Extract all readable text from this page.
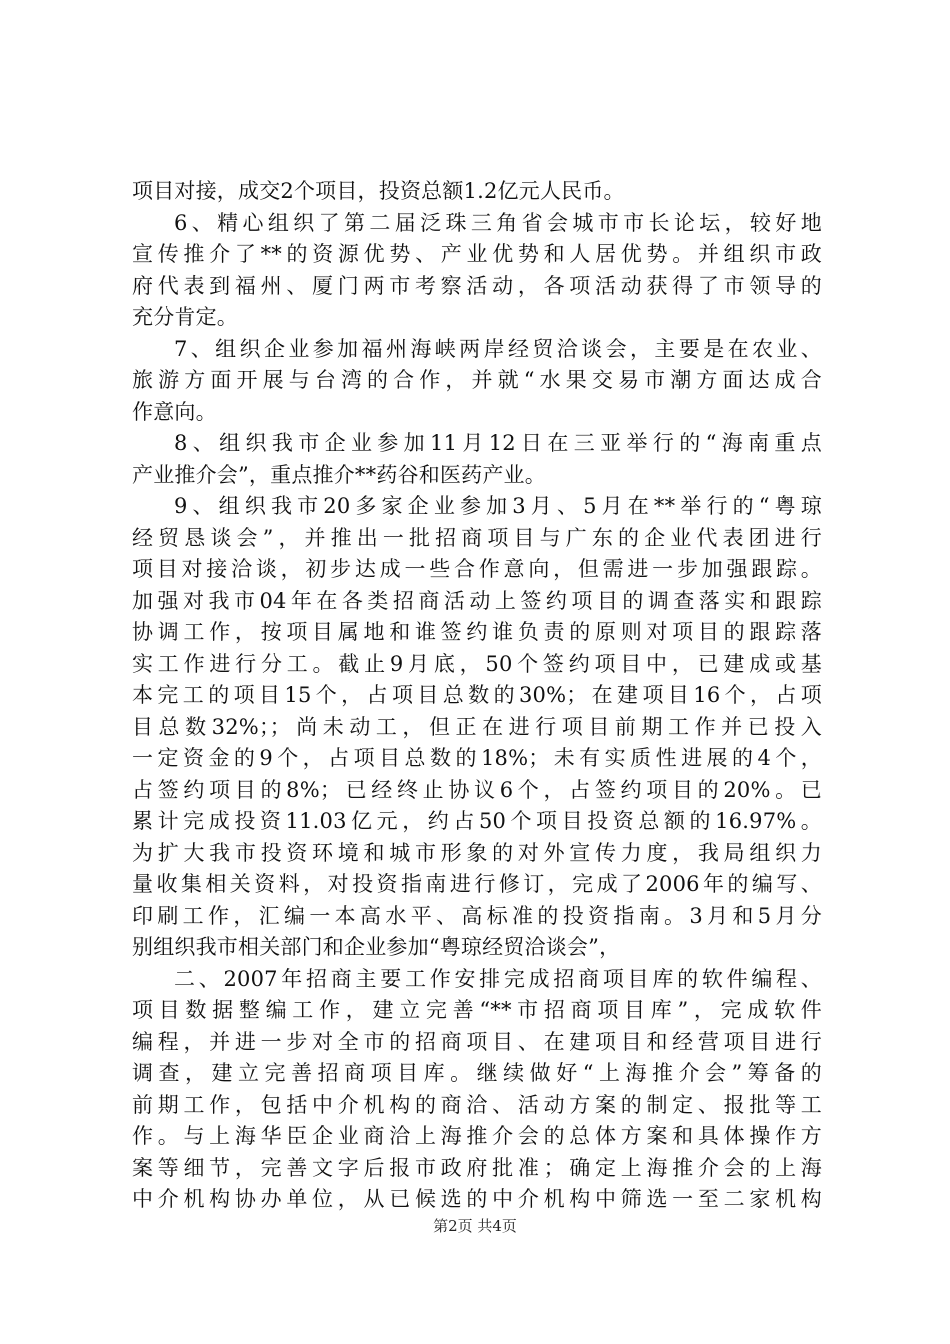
项目对接，成交2个项目，投资总额1.2亿元人民币。
6、精心组织了第二届泛珠三角省会城市市长论坛，较好地
宣传推介了**的资源优势、产业优势和人居优势。并组织市政
府代表到福州、厦门两市考察活动，各项活动获得了市领导的
充分肯定。
7、组织企业参加福州海峡两岸经贸洽谈会，主要是在农业、
旅游方面开展与台湾的合作，并就“水果交易市潮方面达成合
作意向。
8、组织我市企业参加11月12日在三亚举行的“海南重点
产业推介会”，重点推介**药谷和医药产业。
9、组织我市20多家企业参加3月、5月在**举行的“粤琼
经贸恳谈会”，并推出一批招商项目与广东的企业代表团进行
项目对接洽谈，初步达成一些合作意向，但需进一步加强跟踪。
加强对我市04年在各类招商活动上签约项目的调查落实和跟踪
协调工作，按项目属地和谁签约谁负责的原则对项目的跟踪落
实工作进行分工。截止9月底，50个签约项目中，已建成或基
本完工的项目15个，占项目总数的30%；在建项目16个，占项
目总数32%；；尚未动工，但正在进行项目前期工作并已投入
一定资金的9个，占项目总数的18%；未有实质性进展的4个，
占签约项目的8%；已经终止协议6个，占签约项目的20%。已
累计完成投资11.03亿元，约占50个项目投资总额的16.97%。
为扩大我市投资环境和城市形象的对外宣传力度，我局组织力
量收集相关资料，对投资指南进行修订，完成了2006年的编写、
印刷工作，汇编一本高水平、高标准的投资指南。3月和5月分
别组织我市相关部门和企业参加“粤琼经贸洽谈会”，
二、2007年招商主要工作安排完成招商项目库的软件编程、
项目数据整编工作，建立完善“**市招商项目库”，完成软件
编程，并进一步对全市的招商项目、在建项目和经营项目进行
调查，建立完善招商项目库。继续做好“上海推介会”筹备的
前期工作，包括中介机构的商洽、活动方案的制定、报批等工
作。与上海华臣企业商洽上海推介会的总体方案和具体操作方
案等细节，完善文字后报市政府批准；确定上海推介会的上海
中介机构协办单位，从已候选的中介机构中筛选一至二家机构
第2页 共4页
